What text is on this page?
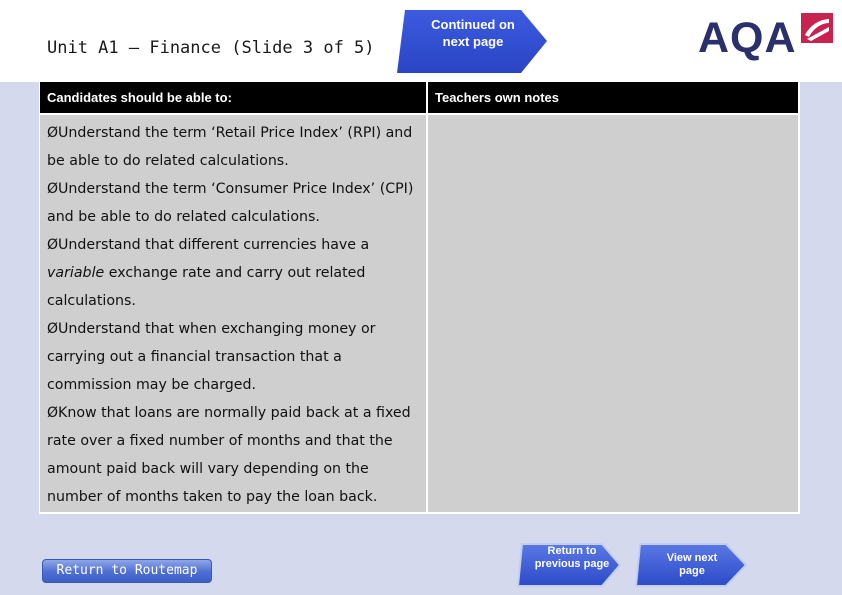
Unit A1 – Finance (Slide 3 of 5)
Continued on next page	AQA
Candidates should be able to:	Teachers own notes

ØUnderstand the term ‘Retail Price Index’ (RPI) and be able to do related calculations.

ØUnderstand the term ‘Consumer Price Index’ (CPI) and be able to do related calculations.

ØUnderstand that different currencies have a variable exchange rate and carry out related calculations.

ØUnderstand that when exchanging money or carrying out a financial transaction that a commission may be charged.

ØKnow that loans are normally paid back at a fixed rate over a fixed number of months and that the amount paid back will vary depending on the number of months taken to pay the loan back.

Return to Routemap
Return to previous page	View next page
